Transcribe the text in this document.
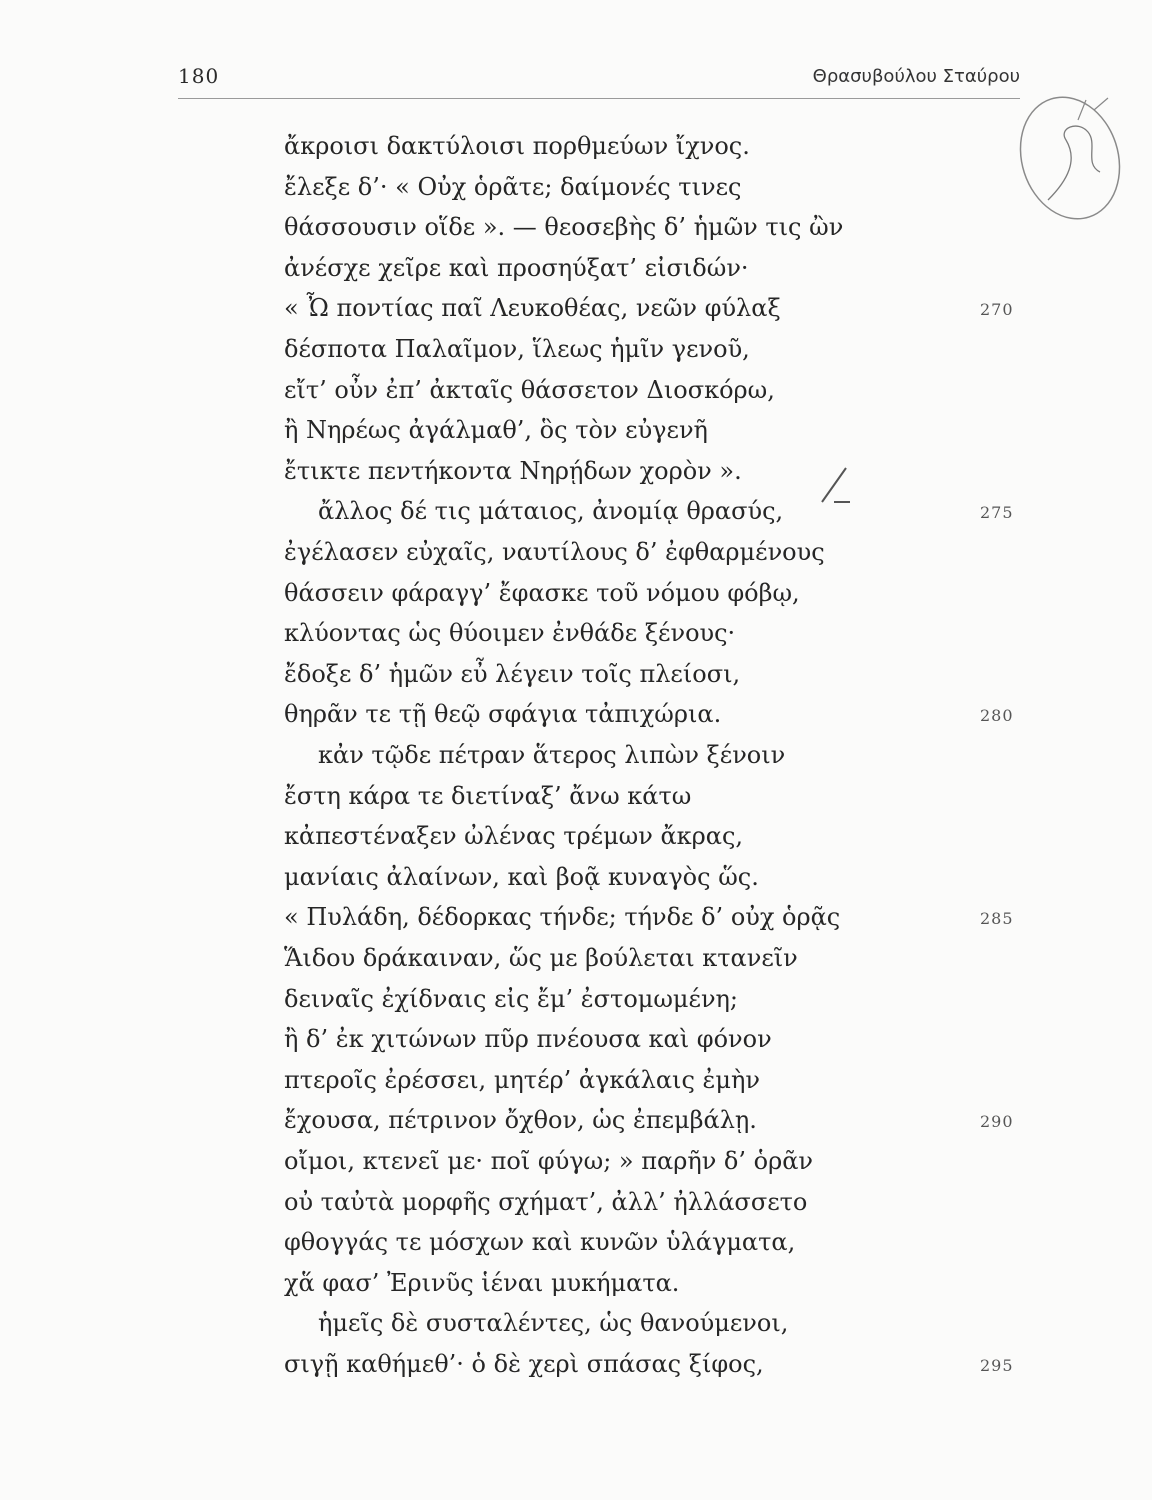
180	Θρασυβούλου Σταύρου
ἄκροισι δακτύλοισι πορθμεύων ἴχνος.
ἔλεξε δ’· « Οὐχ ὁρᾶτε; δαίμονές τινες
θάσσουσιν οἵδε ». — θεοσεβὴς δ’ ἡμῶν τις ὢν
ἀνέσχε χεῖρε καὶ προσηύξατ’ εἰσιδών·
« Ὦ ποντίας παῖ Λευκοθέας, νεῶν φύλαξ	270
δέσποτα Παλαῖμον, ἵλεως ἡμῖν γενοῦ,
εἴτ’ οὖν ἐπ’ ἀκταῖς θάσσετον Διοσκόρω,
ἢ Νηρέως ἀγάλμαθ’, ὃς τὸν εὐγενῆ
ἔτικτε πεντήκοντα Νηρῄδων χορὸν ».
ἄλλος δέ τις μάταιος, ἀνομίᾳ θρασύς,	275
ἐγέλασεν εὐχαῖς, ναυτίλους δ’ ἐφθαρμένους
θάσσειν φάραγγ’ ἔφασκε τοῦ νόμου φόβῳ,
κλύοντας ὡς θύοιμεν ἐνθάδε ξένους·
ἔδοξε δ’ ἡμῶν εὖ λέγειν τοῖς πλείοσι,
θηρᾶν τε τῇ θεῷ σφάγια τἀπιχώρια.	280
κἀν τῷδε πέτραν ἅτερος λιπὼν ξένοιν
ἔστη κάρα τε διετίναξ’ ἄνω κάτω
κἀπεστέναξεν ὠλένας τρέμων ἄκρας,
μανίαις ἀλαίνων, καὶ βοᾷ κυναγὸς ὥς.
« Πυλάδη, δέδορκας τήνδε; τήνδε δ’ οὐχ ὁρᾷς	285
Ἅιδου δράκαιναν, ὥς με βούλεται κτανεῖν
δειναῖς ἐχίδναις εἰς ἔμ’ ἐστομωμένη;
ἢ δ’ ἐκ χιτώνων πῦρ πνέουσα καὶ φόνον
πτεροῖς ἐρέσσει, μητέρ’ ἀγκάλαις ἐμὴν
ἔχουσα, πέτρινον ὄχθον, ὡς ἐπεμβάλῃ.	290
οἴμοι, κτενεῖ με· ποῖ φύγω; » παρῆν δ’ ὁρᾶν
οὐ ταὐτὰ μορφῆς σχήματ’, ἀλλ’ ἠλλάσσετο
φθογγάς τε μόσχων καὶ κυνῶν ὑλάγματα,
χἅ φασ’ Ἐρινῦς ἱέναι μυκήματα.
ἡμεῖς δὲ συσταλέντες, ὡς θανούμενοι,
σιγῇ καθήμεθ’· ὁ δὲ χερὶ σπάσας ξίφος,	295
